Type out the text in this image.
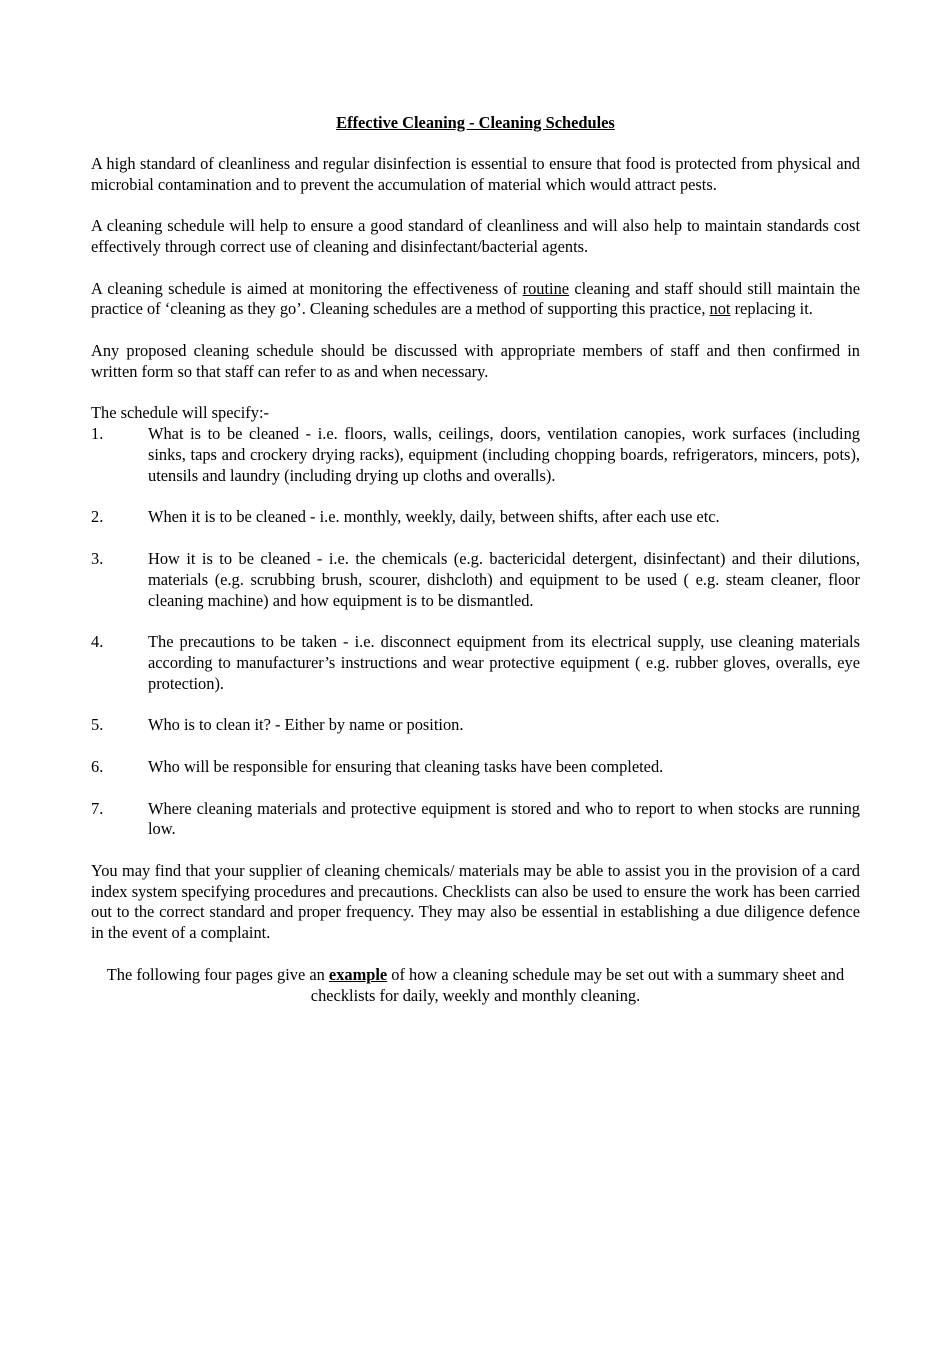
Effective Cleaning - Cleaning Schedules

A high standard of cleanliness and regular disinfection is essential to ensure that food is protected from physical and microbial contamination and to prevent the accumulation of material which would attract pests.

A cleaning schedule will help to ensure a good standard of cleanliness and will also help to maintain standards cost effectively through correct use of cleaning and disinfectant/bacterial agents.

A cleaning schedule is aimed at monitoring the effectiveness of routine cleaning and staff should still maintain the practice of ‘cleaning as they go’. Cleaning schedules are a method of supporting this practice, not replacing it.

Any proposed cleaning schedule should be discussed with appropriate members of staff and then confirmed in written form so that staff can refer to as and when necessary.

The schedule will specify:-
1.	What is to be cleaned - i.e. floors, walls, ceilings, doors, ventilation canopies, work surfaces (including sinks, taps and crockery drying racks), equipment (including chopping boards, refrigerators, mincers, pots), utensils and laundry (including drying up cloths and overalls).
2.	When it is to be cleaned - i.e. monthly, weekly, daily, between shifts, after each use etc.
3.	How it is to be cleaned - i.e. the chemicals (e.g. bactericidal detergent, disinfectant) and their dilutions, materials (e.g. scrubbing brush, scourer, dishcloth) and equipment to be used ( e.g. steam cleaner, floor cleaning machine) and how equipment is to be dismantled.
4.	The precautions to be taken - i.e. disconnect equipment from its electrical supply, use cleaning materials according to manufacturer’s instructions and wear protective equipment ( e.g. rubber gloves, overalls, eye protection).
5.	Who is to clean it? - Either by name or position.
6.	Who will be responsible for ensuring that cleaning tasks have been completed.
7.	Where cleaning materials and protective equipment is stored and who to report to when stocks are running low.

You may find that your supplier of cleaning chemicals/ materials may be able to assist you in the provision of a card index system specifying procedures and precautions. Checklists can also be used to ensure the work has been carried out to the correct standard and proper frequency. They may also be essential in establishing a due diligence defence in the event of a complaint.

The following four pages give an example of how a cleaning schedule may be set out with a summary sheet and checklists for daily, weekly and monthly cleaning.
